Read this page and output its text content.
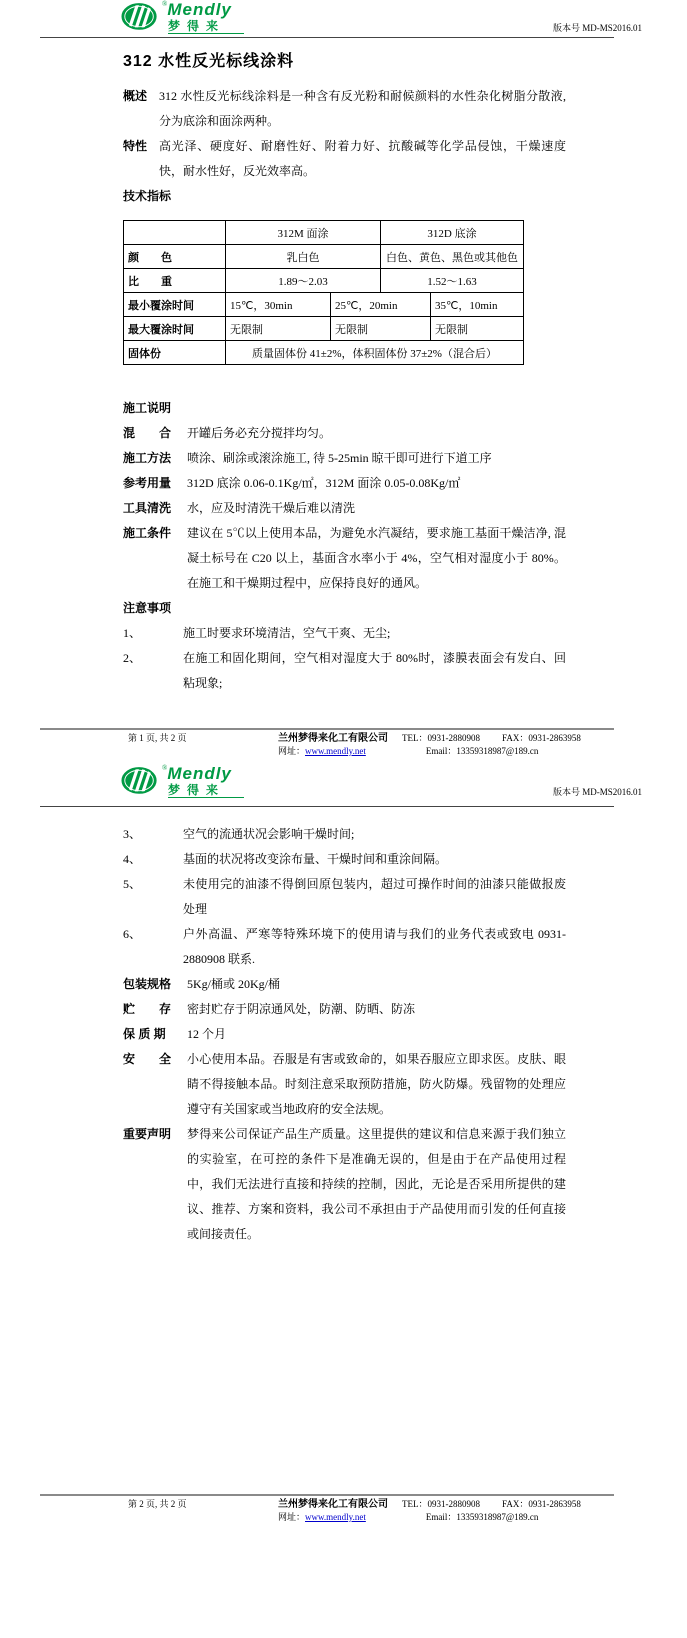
®Mendly
梦得来	版本号 MD-MS2016.01
312 水性反光标线涂料
概述 312 水性反光标线涂料是一种含有反光粉和耐候颜料的水性杂化树脂分散液, 分为底涂和面涂两种。
特性 高光泽、硬度好、耐磨性好、附着力好、抗酸碱等化学品侵蚀，干燥速度快，耐水性好，反光效率高。
技术指标
	312M 面涂		312D 底涂	
颜　　色	乳白色		白色、黄色、黑色或其他色	
比　　重	1.89～2.03		1.52～1.63	
最小覆涂时间	15℃，30min	25℃，20min		35℃，10min
最大覆涂时间	无限制	无限制		无限制
固体份	质量固体份 41±2%，体积固体份 37±2%（混合后）			
施工说明
混　　合	开罐后务必充分搅拌均匀。
施工方法	喷涂、刷涂或滚涂施工, 待 5-25min 晾干即可进行下道工序
参考用量	312D 底涂 0.06-0.1Kg/㎡，312M 面涂 0.05-0.08Kg/㎡
工具清洗	水，应及时清洗干燥后难以清洗
施工条件	建议在 5℃以上使用本品，为避免水汽凝结，要求施工基面干燥洁净, 混凝土标号在 C20 以上，基面含水率小于 4%，空气相对湿度小于 80%。在施工和干燥期过程中，应保持良好的通风。
注意事项
1、	施工时要求环境清洁，空气干爽、无尘;
2、	在施工和固化期间，空气相对湿度大于 80%时，漆膜表面会有发白、回粘现象;
第 1 页, 共 2 页	兰州梦得来化工有限公司 TEL：0931-2880908 FAX：0931-2863958
网址：www.mendly.net	Email：13359318987@189.cn
®Mendly
梦得来	版本号 MD-MS2016.01
3、	空气的流通状况会影响干燥时间;
4、	基面的状况将改变涂布量、干燥时间和重涂间隔。
5、	未使用完的油漆不得倒回原包装内，超过可操作时间的油漆只能做报废处理
6、	户外高温、严寒等特殊环境下的使用请与我们的业务代表或致电 0931-2880908 联系.
包装规格	5Kg/桶或 20Kg/桶
贮　　存	密封贮存于阴凉通风处，防潮、防晒、防冻
保 质 期	12 个月
安　　全	小心使用本品。吞服是有害或致命的，如果吞服应立即求医。皮肤、眼睛不得接触本品。时刻注意采取预防措施，防火防爆。残留物的处理应遵守有关国家或当地政府的安全法规。
重要声明	梦得来公司保证产品生产质量。这里提供的建议和信息来源于我们独立的实验室，在可控的条件下是准确无误的，但是由于在产品使用过程中，我们无法进行直接和持续的控制，因此，无论是否采用所提供的建议、推荐、方案和资料，我公司不承担由于产品使用而引发的任何直接或间接责任。
第 2 页, 共 2 页	兰州梦得来化工有限公司 TEL：0931-2880908 FAX：0931-2863958
网址：www.mendly.net	Email：13359318987@189.cn
